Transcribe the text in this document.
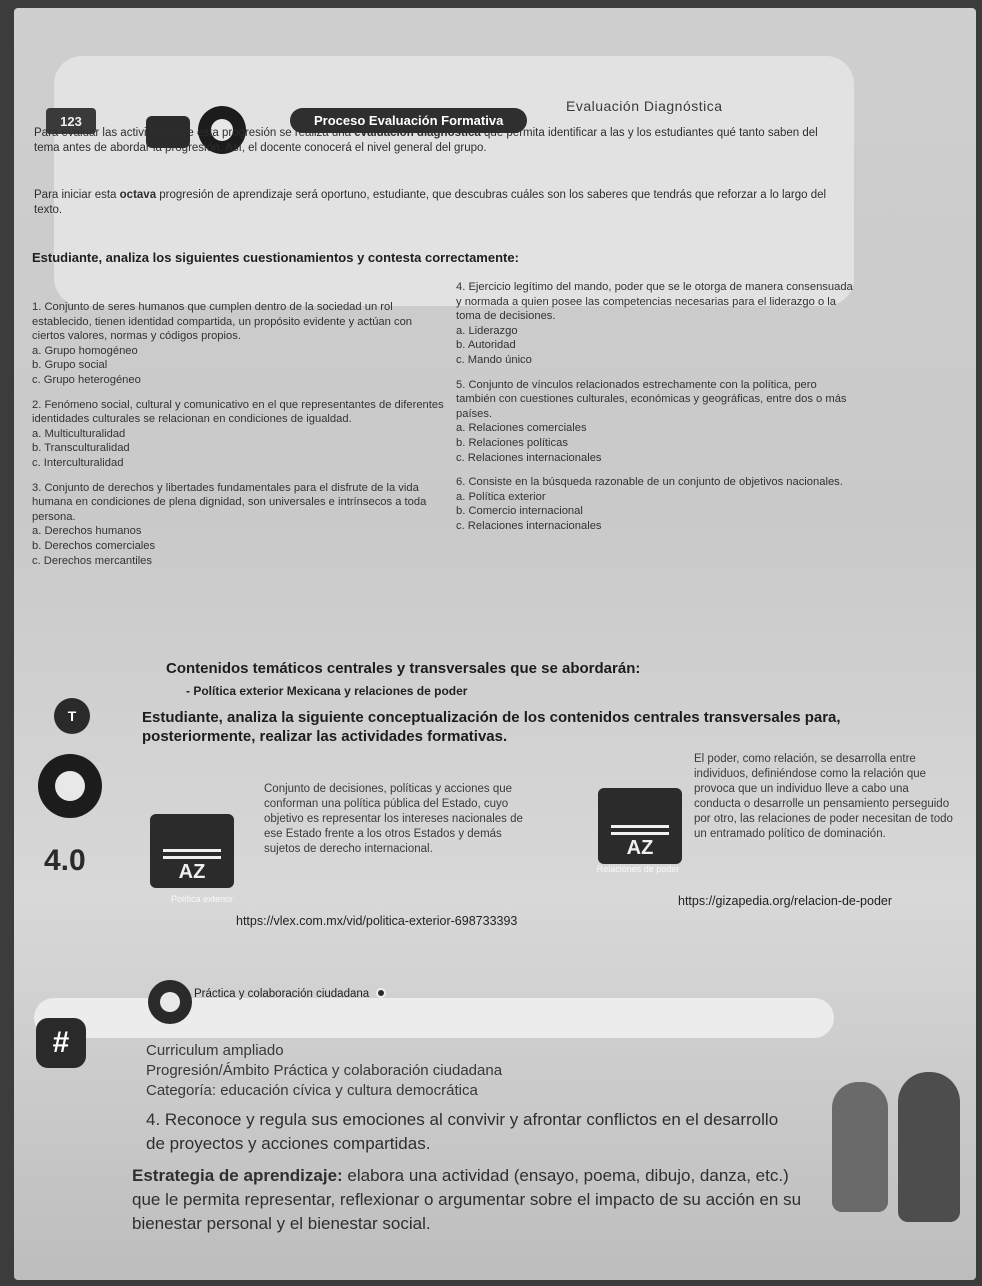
123	Proceso Evaluación Formativa
Evaluación Diagnóstica
Para evaluar las actividades de esta progresión se realiza una evaluación diagnóstica que permita identificar a las y los estudiantes qué tanto saben del tema antes de abordar la progresión. Así, el docente conocerá el nivel general del grupo.
Para iniciar esta octava progresión de aprendizaje será oportuno, estudiante, que descubras cuáles son los saberes que tendrás que reforzar a lo largo del texto.
Estudiante, analiza los siguientes cuestionamientos y contesta correctamente:
1. Conjunto de seres humanos que cumplen dentro de la sociedad un rol establecido, tienen identidad compartida, un propósito evidente y actúan con ciertos valores, normas y códigos propios.
a. Grupo homogéneo
b. Grupo social
c. Grupo heterogéneo
2. Fenómeno social, cultural y comunicativo en el que representantes de diferentes identidades culturales se relacionan en condiciones de igualdad.
a. Multiculturalidad
b. Transculturalidad
c. Interculturalidad
3. Conjunto de derechos y libertades fundamentales para el disfrute de la vida humana en condiciones de plena dignidad, son universales e intrínsecos a toda persona.
a. Derechos humanos
b. Derechos comerciales
c. Derechos mercantiles
4. Ejercicio legítimo del mando, poder que se le otorga de manera consensuada y normada a quien posee las competencias necesarias para el liderazgo o la toma de decisiones.
a. Liderazgo
b. Autoridad
c. Mando único
5. Conjunto de vínculos relacionados estrechamente con la política, pero también con cuestiones culturales, económicas y geográficas, entre dos o más países.
a. Relaciones comerciales
b. Relaciones políticas
c. Relaciones internacionales
6. Consiste en la búsqueda razonable de un conjunto de objetivos nacionales.
a. Política exterior
b. Comercio internacional
c. Relaciones internacionales
Contenidos temáticos centrales y transversales que se abordarán:
- Política exterior Mexicana y relaciones de poder
T	Estudiante, analiza la siguiente conceptualización de los contenidos centrales transversales para, posteriormente, realizar las actividades formativas.
4.0	AZ
Política exterior
Conjunto de decisiones, políticas y acciones que conforman una política pública del Estado, cuyo objetivo es representar los intereses nacionales de ese Estado frente a los otros Estados y demás sujetos de derecho internacional.	AZ
Relaciones de poder
El poder, como relación, se desarrolla entre individuos, definiéndose como la relación que provoca que un individuo lleve a cabo una conducta o desarrolle un pensamiento perseguido por otro, las relaciones de poder necesitan de todo un entramado político de dominación.
https://vlex.com.mx/vid/politica-exterior-698733393
https://gizapedia.org/relacion-de-poder
Práctica y colaboración ciudadana
#	Curriculum ampliado
Progresión/Ámbito Práctica y colaboración ciudadana
Categoría: educación cívica y cultura democrática
4. Reconoce y regula sus emociones al convivir y afrontar conflictos en el desarrollo de proyectos y acciones compartidas.
Estrategia de aprendizaje: elabora una actividad (ensayo, poema, dibujo, danza, etc.) que le permita representar, reflexionar o argumentar sobre el impacto de su acción en su bienestar personal y el bienestar social.
